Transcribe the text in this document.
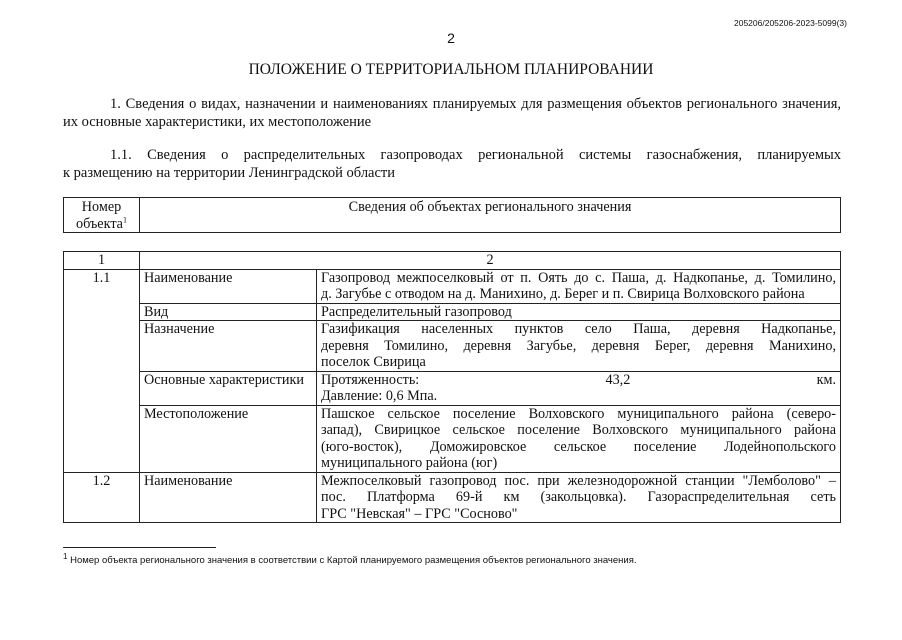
205206/205206-2023-5099(3)
2
ПОЛОЖЕНИЕ О ТЕРРИТОРИАЛЬНОМ ПЛАНИРОВАНИИ
1. Сведения о видах, назначении и наименованиях планируемых для размещения объектов регионального значения,
их основные характеристики, их местоположение
1.1. Сведения о распределительных газопроводах региональной системы газоснабжения, планируемых
к размещению на территории Ленинградской области
Номер
объекта$^1$	Сведения об объектах регионального значения
1	2	
1.1	Наименование	Газопровод межпоселковый от п. Оять до с. Паша, д. Надкопанье, д. Томилино,
д. Загубье с отводом на д. Манихино, д. Берег и п. Свирица Волховского района

	Вид	Распределительный газопровод

	Назначение	Газификация населенных пунктов село Паша, деревня Надкопанье,
деревня Томилино, деревня Загубье, деревня Берег, деревня Манихино,
поселок Свирица

	Основные характеристики	Протяженность: 43,2 км.
Давление: 0,6 Мпа.

	Местоположение	Пашское сельское поселение Волховского муниципального района (северо-
запад), Свирицкое сельское поселение Волховского муниципального района
(юго-восток), Доможировское сельское поселение Лодейнопольского
муниципального района (юг)

1.2	Наименование	Межпоселковый газопровод пос. при железнодорожной станции "Лемболово" –
пос. Платформа 69-й км (закольцовка). Газораспределительная сеть
ГРС "Невская" – ГРС "Сосново"
$^1$ Номер объекта регионального значения в соответствии с Картой планируемого размещения объектов регионального значения.
